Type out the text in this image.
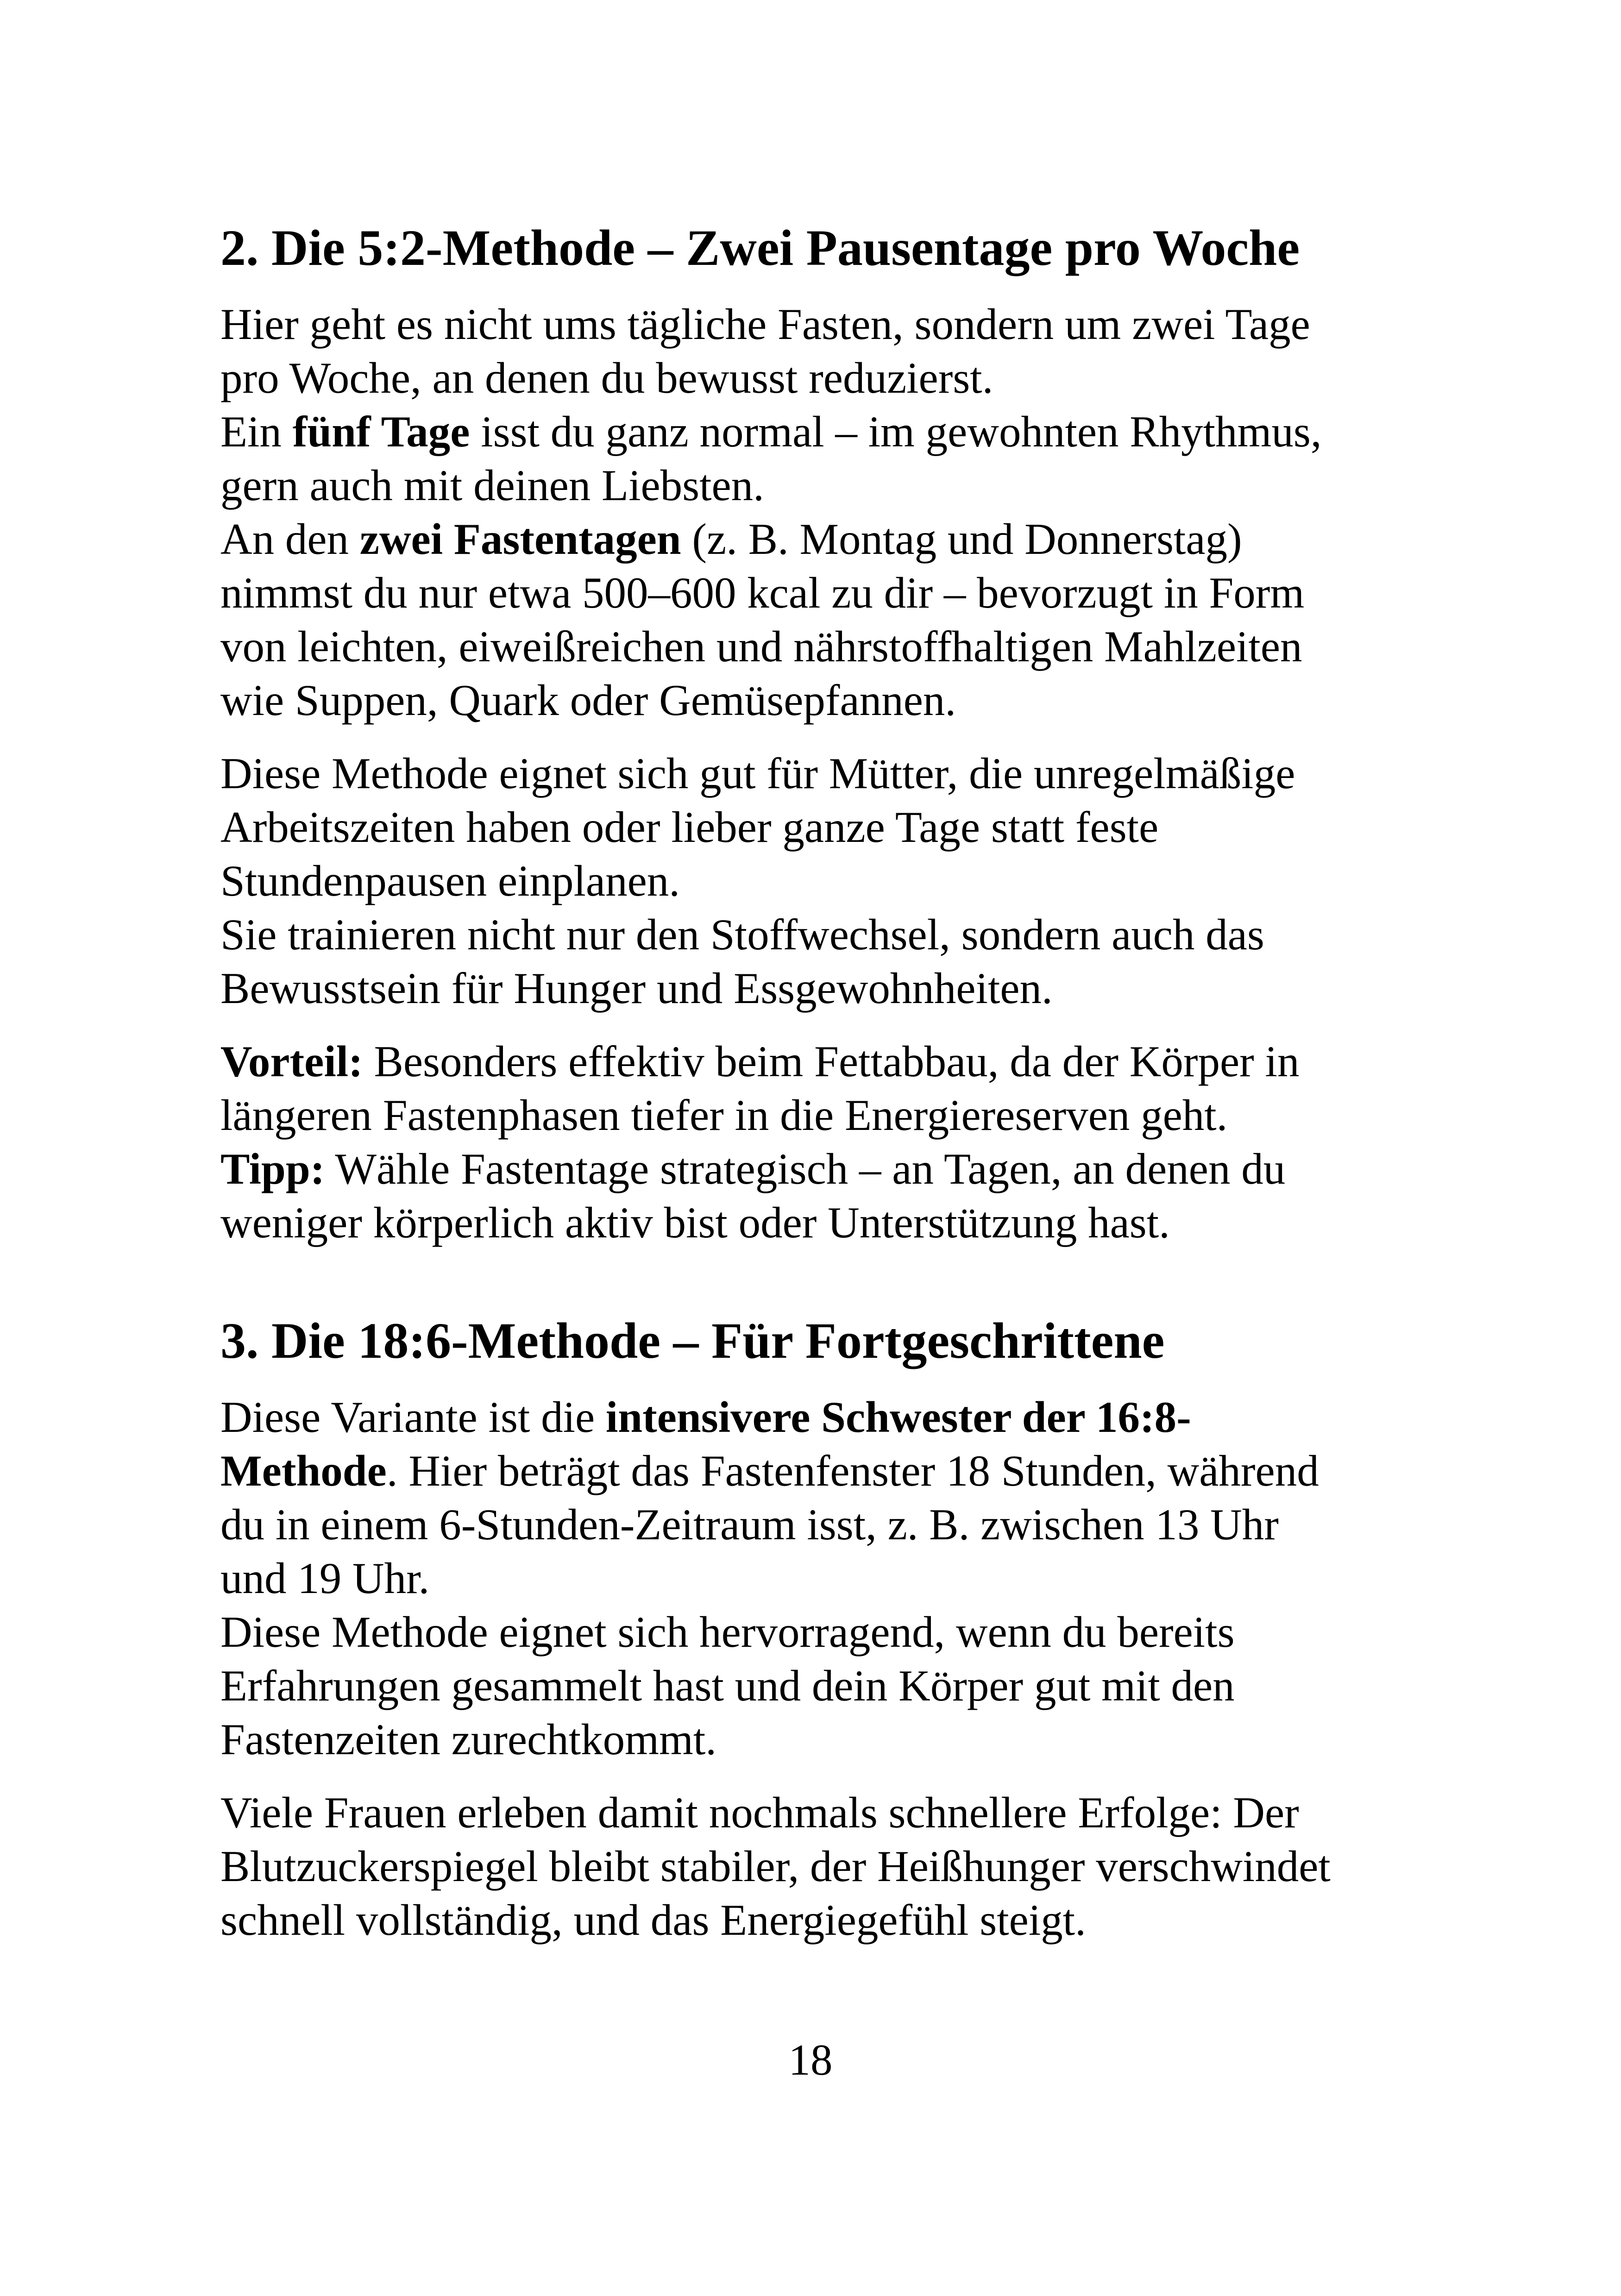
2. Die 5:2-Methode – Zwei Pausentage pro Woche
Hier geht es nicht ums tägliche Fasten, sondern um zwei Tage
pro Woche, an denen du bewusst reduzierst.
Ein fünf Tage isst du ganz normal – im gewohnten Rhythmus,
gern auch mit deinen Liebsten.
An den zwei Fastentagen (z. B. Montag und Donnerstag)
nimmst du nur etwa 500–600 kcal zu dir – bevorzugt in Form
von leichten, eiweißreichen und nährstoffhaltigen Mahlzeiten
wie Suppen, Quark oder Gemüsepfannen.
Diese Methode eignet sich gut für Mütter, die unregelmäßige
Arbeitszeiten haben oder lieber ganze Tage statt feste
Stundenpausen einplanen.
Sie trainieren nicht nur den Stoffwechsel, sondern auch das
Bewusstsein für Hunger und Essgewohnheiten.
Vorteil: Besonders effektiv beim Fettabbau, da der Körper in
längeren Fastenphasen tiefer in die Energiereserven geht.
Tipp: Wähle Fastentage strategisch – an Tagen, an denen du
weniger körperlich aktiv bist oder Unterstützung hast.
3. Die 18:6-Methode – Für Fortgeschrittene
Diese Variante ist die intensivere Schwester der 16:8-
Methode. Hier beträgt das Fastenfenster 18 Stunden, während
du in einem 6-Stunden-Zeitraum isst, z. B. zwischen 13 Uhr
und 19 Uhr.
Diese Methode eignet sich hervorragend, wenn du bereits
Erfahrungen gesammelt hast und dein Körper gut mit den
Fastenzeiten zurechtkommt.
Viele Frauen erleben damit nochmals schnellere Erfolge: Der
Blutzuckerspiegel bleibt stabiler, der Heißhunger verschwindet
schnell vollständig, und das Energiegefühl steigt.
18
